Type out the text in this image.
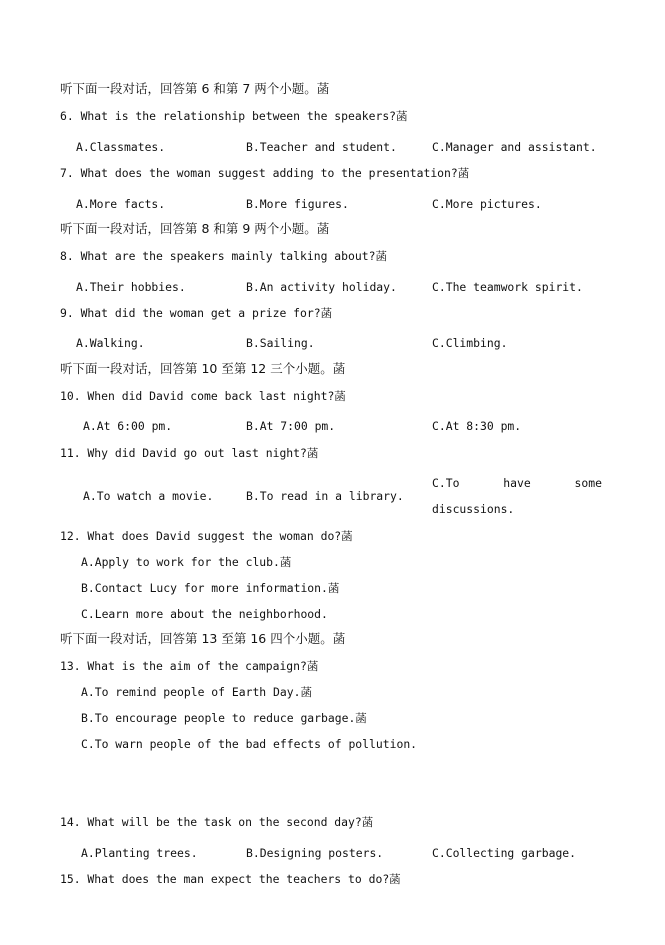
听下面一段对话，回答第 6 和第 7 两个小题。菡
6. What is the relationship between the speakers?菡
A.Classmates.	B.Teacher and student.	C.Manager and assistant.
7. What does the woman suggest adding to the presentation?菡
A.More facts.	B.More figures.	C.More pictures.
听下面一段对话，回答第 8 和第 9 两个小题。菡
8. What are the speakers mainly talking about?菡
A.Their hobbies.	B.An activity holiday.	C.The teamwork spirit.
9. What did the woman get a prize for?菡
A.Walking.	B.Sailing.	C.Climbing.
听下面一段对话，回答第 10 至第 12 三个小题。菡
10. When did David come back last night?菡
A.At 6:00 pm.	B.At 7:00 pm.	C.At 8:30 pm.
11. Why did David go out last night?菡
A.To watch a movie.	B.To read in a library.
C.To have some discussions.
12. What does David suggest the woman do?菡
A.Apply to work for the club.菡
B.Contact Lucy for more information.菡
C.Learn more about the neighborhood.
听下面一段对话，回答第 13 至第 16 四个小题。菡
13. What is the aim of the campaign?菡
A.To remind people of Earth Day.菡
B.To encourage people to reduce garbage.菡
C.To warn people of the bad effects of pollution.
14. What will be the task on the second day?菡
A.Planting trees.	B.Designing posters.	C.Collecting garbage.
15. What does the man expect the teachers to do?菡
